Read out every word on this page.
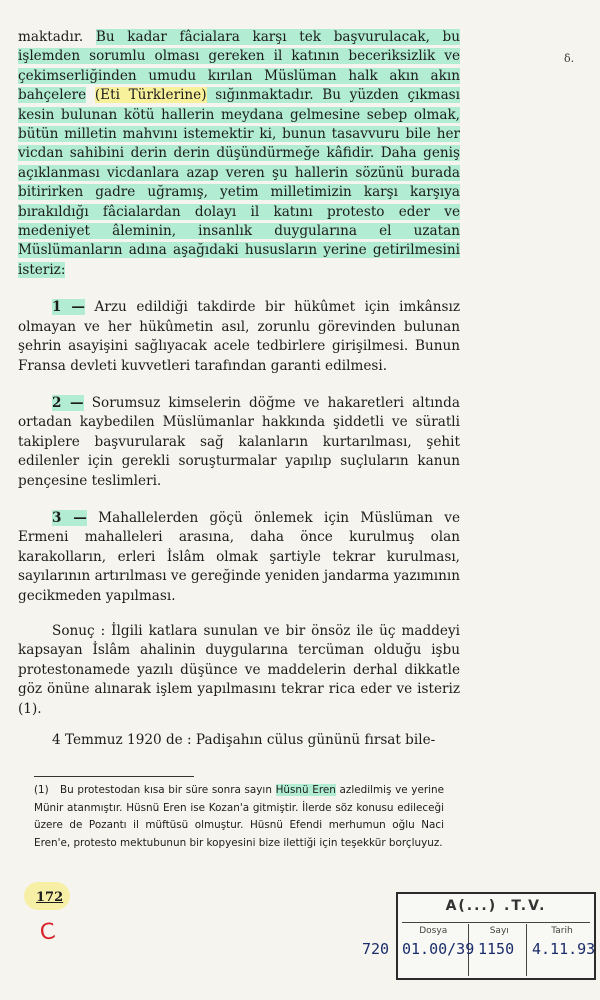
δ.

maktadır. Bu kadar fâcialara karşı tek başvurulacak, bu işlemden sorumlu olması gereken il katının beceriksizlik ve çekimserliğinden umudu kırılan Müslüman halk akın akın bahçelere (Eti Türklerine) sığınmaktadır. Bu yüzden çıkması kesin bulunan kötü hallerin meydana gelmesine sebep olmak, bütün milletin mahvını istemektir ki, bunun tasavvuru bile her vicdan sahibini derin derin düşündürmeğe kâfidir. Daha geniş açıklanması vicdanlara azap veren şu hallerin sözünü burada bitirirken gadre uğramış, yetim milletimizin karşı karşıya bırakıldığı fâcialardan dolayı il katını protesto eder ve medeniyet âleminin, insanlık duygularına el uzatan Müslümanların adına aşağıdaki hususların yerine getirilmesini isteriz:

1 — Arzu edildiği takdirde bir hükûmet için imkânsız olmayan ve her hükûmetin asıl, zorunlu görevinden bulunan şehrin asayişini sağlıyacak acele tedbirlere girişilmesi. Bunun Fransa devleti kuvvetleri tarafından garanti edilmesi.

2 — Sorumsuz kimselerin döğme ve hakaretleri altında ortadan kaybedilen Müslümanlar hakkında şiddetli ve süratli takiplere başvurularak sağ kalanların kurtarılması, şehit edilenler için gerekli soruşturmalar yapılıp suçluların kanun pençesine teslimleri.

3 — Mahallelerden göçü önlemek için Müslüman ve Ermeni mahalleleri arasına, daha önce kurulmuş olan karakolların, erleri İslâm olmak şartiyle tekrar kurulması, sayılarının artırılması ve gereğinde yeniden jandarma yazımının gecikmeden yapılması.

Sonuç : İlgili katlara sunulan ve bir önsöz ile üç maddeyi kapsayan İslâm ahalinin duygularına tercüman olduğu işbu protestonamede yazılı düşünce ve maddelerin derhal dikkatle göz önüne alınarak işlem yapılmasını tekrar rica eder ve isteriz (1).

4 Temmuz 1920 de : Padişahın cülus gününü fırsat bile-

(1) Bu protestodan kısa bir süre sonra sayın Hüsnü Eren azledilmiş ve yerine Münir atanmıştır. Hüsnü Eren ise Kozan'a gitmiştir. İlerde söz konusu edileceği üzere de Pozantı il müftüsü olmuştur. Hüsnü Efendi merhumun oğlu Naci Eren'e, protesto mektubunun bir kopyesini bize ilettiği için teşekkür borçluyuz.
172
C
720
A(...) .T.V.
Dosya	Sayı	Tarih
01.00/39 1150 4.11.93
